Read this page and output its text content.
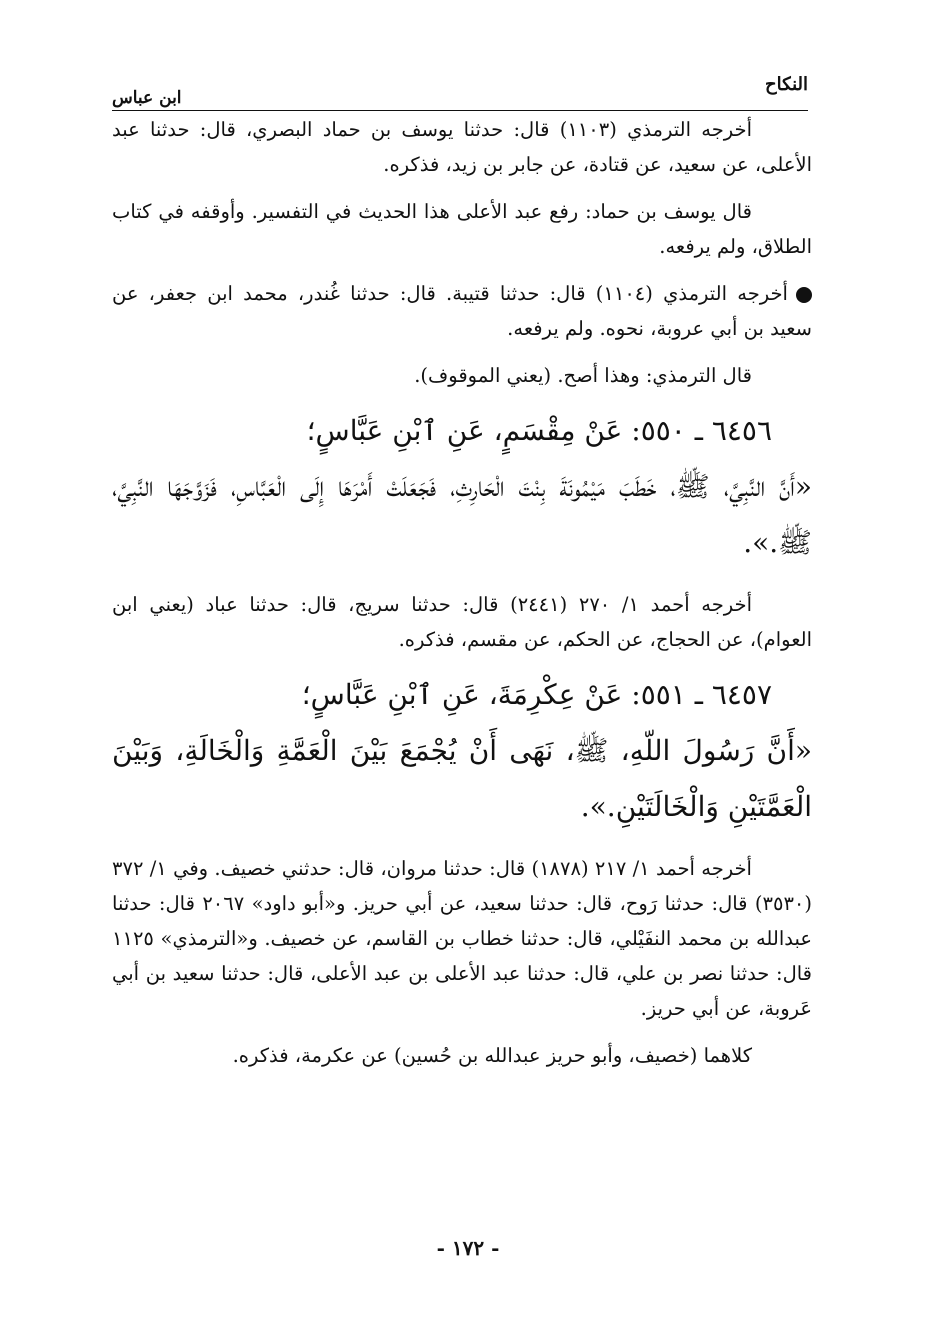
النكاح
ابن عباس

أخرجه الترمذي (١١٠٣) قال: حدثنا يوسف بن حماد البصري، قال: حدثنا عبد الأعلى، عن سعيد، عن قتادة، عن جابر بن زيد، فذكره.

قال يوسف بن حماد: رفع عبد الأعلى هذا الحديث في التفسير. وأوقفه في كتاب الطلاق، ولم يرفعه.

أخرجه الترمذي (١١٠٤) قال: حدثنا قتيبة. قال: حدثنا غُندر، محمد ابن جعفر، عن سعيد بن أبي عروبة، نحوه. ولم يرفعه.

قال الترمذي: وهذا أصح. (يعني الموقوف).

٦٤٥٦ ـ ٥٥٠: عَنْ مِقْسَمٍ، عَنِ ٱبْنِ عَبَّاسٍ؛

«أَنَّ النَّبِيَّ، ﷺ، خَطَبَ مَيْمُونَةَ بِنْتَ الْحَارِثِ، فَجَعَلَتْ أَمْرَهَا إِلَى الْعَبَّاسِ، فَزَوَّجَهَا النَّبِيَّ، ﷺ.».

أخرجه أحمد ١/ ٢٧٠ (٢٤٤١) قال: حدثنا سريج، قال: حدثنا عباد (يعني ابن العوام)، عن الحجاج، عن الحكم، عن مقسم، فذكره.

٦٤٥٧ ـ ٥٥١: عَنْ عِكْرِمَةَ، عَنِ ٱبْنِ عَبَّاسٍ؛

«أَنَّ رَسُولَ اللّهِ، ﷺ، نَهَى أَنْ يُجْمَعَ بَيْنَ الْعَمَّةِ وَالْخَالَةِ، وَبَيْنَ الْعَمَّتَيْنِ وَالْخَالَتَيْنِ.».

أخرجه أحمد ١/ ٢١٧ (١٨٧٨) قال: حدثنا مروان، قال: حدثني خصيف. وفي ١/ ٣٧٢ (٣٥٣٠) قال: حدثنا رَوح، قال: حدثنا سعيد، عن أبي حريز. و«أبو داود» ٢٠٦٧ قال: حدثنا عبدالله بن محمد النفَيْلي، قال: حدثنا خطاب بن القاسم، عن خصيف. و«الترمذي» ١١٢٥ قال: حدثنا نصر بن علي، قال: حدثنا عبد الأعلى بن عبد الأعلى، قال: حدثنا سعيد بن أبي عَروبة، عن أبي حريز.

كلاهما (خصيف، وأبو حريز عبدالله بن حُسين) عن عكرمة، فذكره.

- ١٧٢ -
